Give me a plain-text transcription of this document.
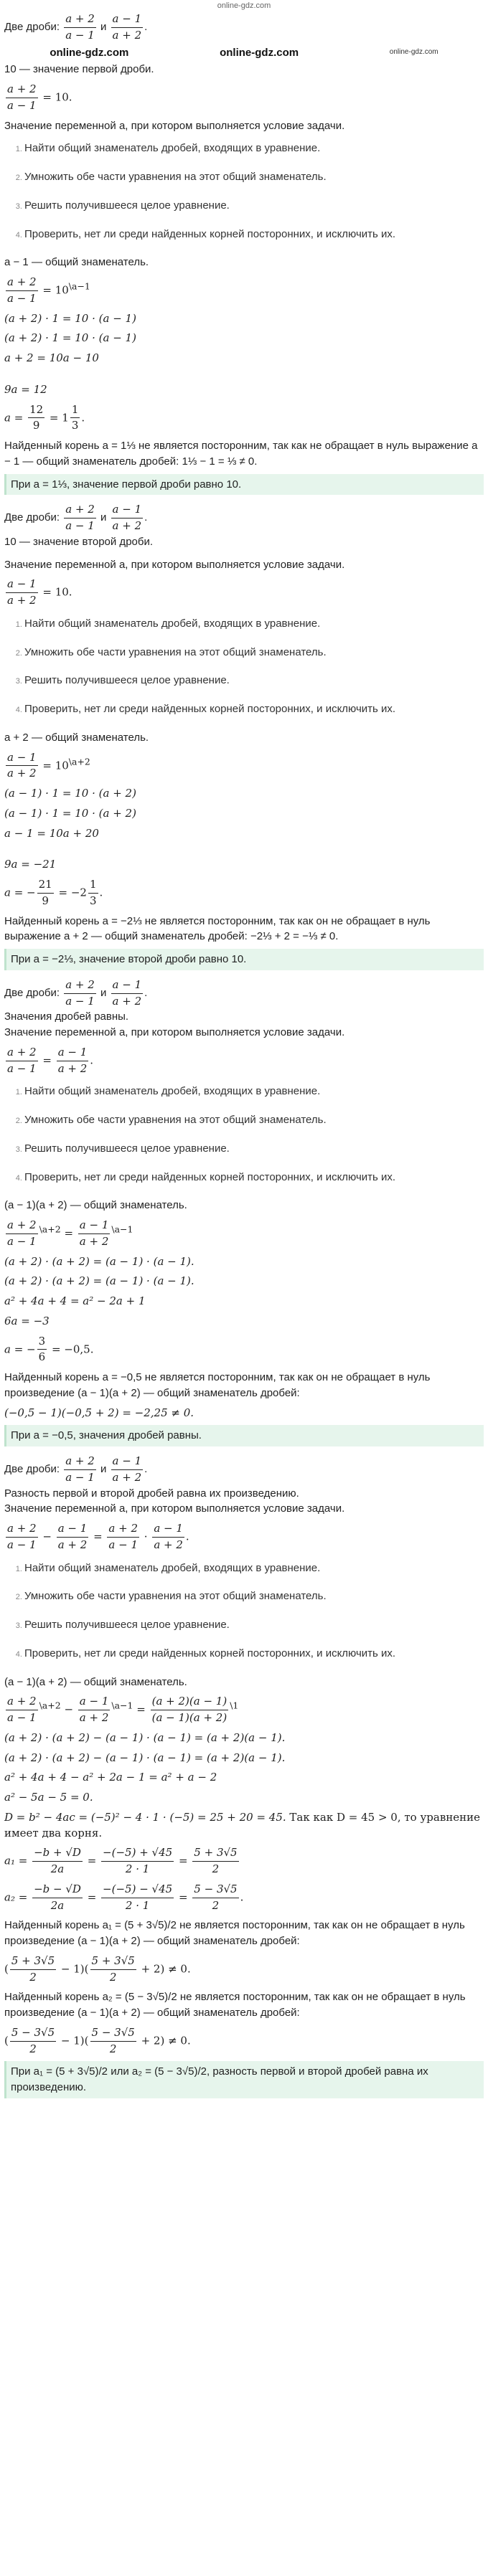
online-gdz.com

Две дроби: $\frac{a + 2}{a - 1}$ и $\frac{a - 1}{a + 2}$ .

online-gdz.com	online-gdz.com	online-gdz.com

10 — значение первой дроби.

$\frac{a + 2}{a - 1} = 10$.

Значение переменной a, при котором выполняется условие задачи.

1. Найти общий знаменатель дробей, входящих в уравнение.
2. Умножить обе части уравнения на этот общий знаменатель.
3. Решить получившееся целое уравнение.
4. Проверить, нет ли среди найденных корней посторонних, и исключить их.

a − 1 — общий знаменатель.

$\frac{a + 2}{a - 1} = 10^{\backslash a-1}$

(a + 2) · 1 = 10 · (a − 1)

(a + 2) · 1 = 10 · (a − 1)

a + 2 = 10a − 10

9a = 12

$a = \frac{12}{9} = 1 \frac{1}{3}$ .

Найденный корень a = 1⅓ не является посторонним, так как не обращает в нуль выражение a − 1 — общий знаменатель дробей: 1⅓ − 1 = ⅓ ≠ 0.

При a = 1⅓, значение первой дроби равно 10.

Две дроби: $\frac{a + 2}{a - 1}$ и $\frac{a - 1}{a + 2}$ .

10 — значение второй дроби.

Значение переменной a, при котором выполняется условие задачи.

$\frac{a - 1}{a + 2} = 10$.

1. Найти общий знаменатель дробей, входящих в уравнение.
2. Умножить обе части уравнения на этот общий знаменатель.
3. Решить получившееся целое уравнение.
4. Проверить, нет ли среди найденных корней посторонних, и исключить их.

a + 2 — общий знаменатель.

$\frac{a - 1}{a + 2} = 10^{\backslash a+2}$

(a − 1) · 1 = 10 · (a + 2)

(a − 1) · 1 = 10 · (a + 2)

a − 1 = 10a + 20

9a = −21

a = − $\frac{21}{9} = -2 \frac{1}{3}$ .

Найденный корень a = −2⅓ не является посторонним, так как он не обращает в нуль выражение a + 2 — общий знаменатель дробей: −2⅓ + 2 = −⅓ ≠ 0.

При a = −2⅓, значение второй дроби равно 10.

Две дроби: $\frac{a + 2}{a - 1}$ и $\frac{a - 1}{a + 2}$ .

Значения дробей равны.

Значение переменной a, при котором выполняется условие задачи.

$\frac{a + 2}{a - 1} = \frac{a - 1}{a + 2}$ .

1. Найти общий знаменатель дробей, входящих в уравнение.
2. Умножить обе части уравнения на этот общий знаменатель.
3. Решить получившееся целое уравнение.
4. Проверить, нет ли среди найденных корней посторонних, и исключить их.

(a − 1)(a + 2) — общий знаменатель.

$\frac{a + 2}{a - 1} ^{\backslash a+2} = \frac{a - 1}{a + 2} ^{\backslash a-1}$

(a + 2) · (a + 2) = (a − 1) · (a − 1).

(a + 2) · (a + 2) = (a − 1) · (a − 1).

a² + 4a + 4 = a² − 2a + 1

6a = −3

a = − $\frac{3}{6} = -0,5$.

Найденный корень a = −0,5 не является посторонним, так как он не обращает в нуль произведение (a − 1)(a + 2) — общий знаменатель дробей:

(−0,5 − 1)(−0,5 + 2) = −2,25 ≠ 0.

При a = −0,5, значения дробей равны.

Две дроби: $\frac{a + 2}{a - 1}$ и $\frac{a - 1}{a + 2}$ .

Разность первой и второй дробей равна их произведению.

Значение переменной a, при котором выполняется условие задачи.

$\frac{a + 2}{a - 1} - \frac{a - 1}{a + 2} = \frac{a + 2}{a - 1} \cdot \frac{a - 1}{a + 2}$ .

1. Найти общий знаменатель дробей, входящих в уравнение.
2. Умножить обе части уравнения на этот общий знаменатель.
3. Решить получившееся целое уравнение.
4. Проверить, нет ли среди найденных корней посторонних, и исключить их.

(a − 1)(a + 2) — общий знаменатель.

$\frac{a + 2}{a - 1} ^{\backslash a+2} - \frac{a - 1}{a + 2} ^{\backslash a-1} = \frac{(a + 2)(a - 1)}{(a - 1)(a + 2)} ^{\backslash 1}$

(a + 2) · (a + 2) − (a − 1) · (a − 1) = (a + 2)(a − 1).

(a + 2) · (a + 2) − (a − 1) · (a − 1) = (a + 2)(a − 1).

a² + 4a + 4 − a² + 2a − 1 = a² + a − 2

a² − 5a − 5 = 0.

D = b² − 4ac = (−5)² − 4 · 1 · (−5) = 25 + 20 = 45. Так как D = 45 > 0, то уравнение имеет два корня.

$a_1 = \frac{-b + √D}{2a} = \frac{-(-5) + √45}{2 \cdot 1} = \frac{5 + 3√5}{2}$

$a_2 = \frac{-b - √D}{2a} = \frac{-(-5) - √45}{2 \cdot 1} = \frac{5 - 3√5}{2}$ .

Найденный корень a₁ = (5 + 3√5)/2 не является посторонним, так как он не обращает в нуль произведение (a − 1)(a + 2) — общий знаменатель дробей:

( $\frac{5 + 3√5}{2} - 1)( \frac{5 + 3√5}{2} + 2) \ne 0$.

Найденный корень a₂ = (5 − 3√5)/2 не является посторонним, так как он не обращает в нуль произведение (a − 1)(a + 2) — общий знаменатель дробей:

( $\frac{5 - 3√5}{2} - 1)( \frac{5 - 3√5}{2} + 2) \ne 0$.

При a₁ = (5 + 3√5)/2 или a₂ = (5 − 3√5)/2, разность первой и второй дробей равна их произведению.
